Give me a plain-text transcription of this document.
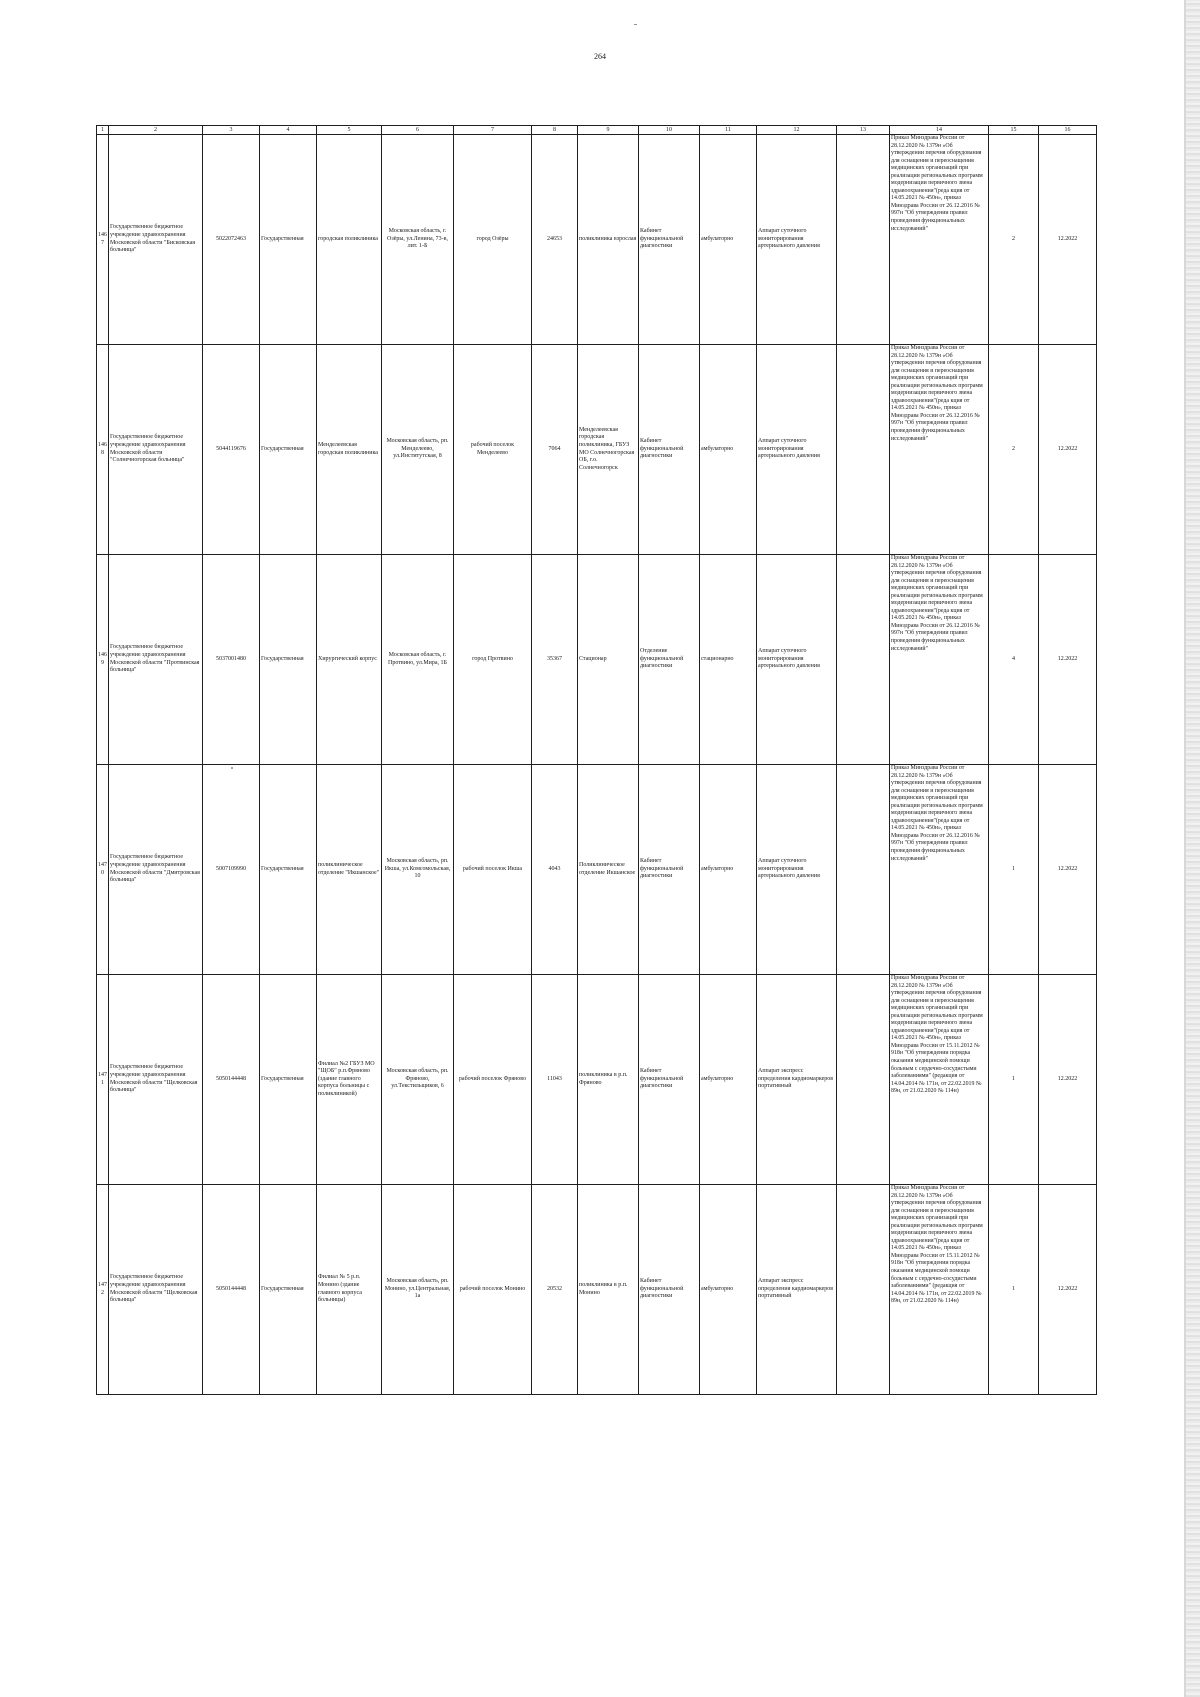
264
1	2	3	4	5	6	7	8	9	10	11	12	13	14	15	16
1467	Государственное бюджетное учреждение здравоохранения Московской области "Бисковская больница"	5022072463	Государственная	городская поликлиника	Московская область, г. Озёры, ул.Ленина, 73-в, лит. 1-Б	город Озёры	24653	поликлиника взрослая	Кабинет функциональной диагностики	амбулаторно	Аппарат суточного мониторирования артериального давления		Приказ Минздрава России от 28.12.2020 № 1379н «Об утверждении перечня оборудования для оснащения и переоснащения медицинских организаций при реализации региональных программ модернизации первичного звена здравоохранения"(реда кция от 14.05.2021 № 450н», приказ Минздрава России от 26.12.2016 № 997н "Об утверждении правил проведения функциональных исследований"	2	12.2022
1468	Государственное бюджетное учреждение здравоохранения Московской области "Солнечногорская больница"	5044119676	Государственная	Менделеевская городская поликлиника	Московская область, рп. Менделеево, ул.Институтская, 8	рабочий поселок Менделеево	7064	Менделеевская городская поликлиника, ГБУЗ МО Солнечногорская ОБ, г.о. Солнечногорск	Кабинет функциональной диагностики	амбулаторно	Аппарат суточного мониторирования артериального давления		Приказ Минздрава России от 28.12.2020 № 1379н «Об утверждении перечня оборудования для оснащения и переоснащения медицинских организаций при реализации региональных программ модернизации первичного звена здравоохранения"(реда кция от 14.05.2021 № 450н», приказ Минздрава России от 26.12.2016 № 997н "Об утверждении правил проведения функциональных исследований"	2	12.2022
1469	Государственное бюджетное учреждение здравоохранения Московской области "Протвинская больница"	5037001480	Государственная	Хирургический корпус	Московская область, г. Протвино, ул.Мира, 1Б	город Протвино	35367	Стационар	Отделение функциональной диагностики	стационарно	Аппарат суточного мониторирования артериального давления		Приказ Минздрава России от 28.12.2020 № 1379н «Об утверждении перечня оборудования для оснащения и переоснащения медицинских организаций при реализации региональных программ модернизации первичного звена здравоохранения"(реда кция от 14.05.2021 № 450н», приказ Минздрава России от 26.12.2016 № 997н "Об утверждении правил проведения функциональных исследований"	4	12.2022
1470	Государственное бюджетное учреждение здравоохранения Московской области "Дмитровская больница"	5007109990	Государственная	поликлиническое отделение "Икшанское"	Московская область, рп. Икша, ул.Комсомольская, 10	рабочий поселок Икша	4043	Поликлиническое отделение Икшанское	Кабинет функциональной диагностики	амбулаторно	Аппарат суточного мониторирования артериального давления		Приказ Минздрава России от 28.12.2020 № 1379н «Об утверждении перечня оборудования для оснащения и переоснащения медицинских организаций при реализации региональных программ модернизации первичного звена здравоохранения"(реда кция от 14.05.2021 № 450н», приказ Минздрава России от 26.12.2016 № 997н "Об утверждении правил проведения функциональных исследований"	1	12.2022
1471	Государственное бюджетное учреждение здравоохранения Московской области "Щелковская больница"	5050144448	Государственная	Филиал №2 ГБУЗ МО "ЩОБ" р.п.Фряново (здание главного корпуса больницы с поликлиникой)	Московская область, рп. Фряново, ул.Текстильщиков, 6	рабочий поселок Фряново	11043	поликлиника в р.п. Фряново	Кабинет функциональной диагностики	амбулаторно	Аппарат экспресс определения кардиомаркеров портативный		Приказ Минздрава России от 28.12.2020 № 1379н «Об утверждении перечня оборудования для оснащения и переоснащения медицинских организаций при реализации региональных программ модернизации первичного звена здравоохранения"(реда кция от 14.05.2021 № 450н», приказ Минздрава России от 15.11.2012 № 918н "Об утверждении порядка оказания медицинской помощи больным с сердечно-сосудистыми заболеваниями" (редакция от 14.04.2014 № 171н, от 22.02.2019 № 89н, от 21.02.2020 № 114н)	1	12.2022
1472	Государственное бюджетное учреждение здравоохранения Московской области "Щелковская больница"	5050144448	Государственная	Филиал № 5 р.п. Монино (здание главного корпуса больницы)	Московская область, рп. Монино, ул.Центральная, 1а	рабочий поселок Монино	20532	поликлиника в р.п. Монино	Кабинет функциональной диагностики	амбулаторно	Аппарат экспресс определения кардиомаркеров портативный		Приказ Минздрава России от 28.12.2020 № 1379н «Об утверждении перечня оборудования для оснащения и переоснащения медицинских организаций при реализации региональных программ модернизации первичного звена здравоохранения"(реда кция от 14.05.2021 № 450н», приказ Минздрава России от 15.11.2012 № 918н "Об утверждении порядка оказания медицинской помощи больным с сердечно-сосудистыми заболеваниями" (редакция от 14.04.2014 № 171н, от 22.02.2019 № 89н, от 21.02.2020 № 114н)	1	12.2022
